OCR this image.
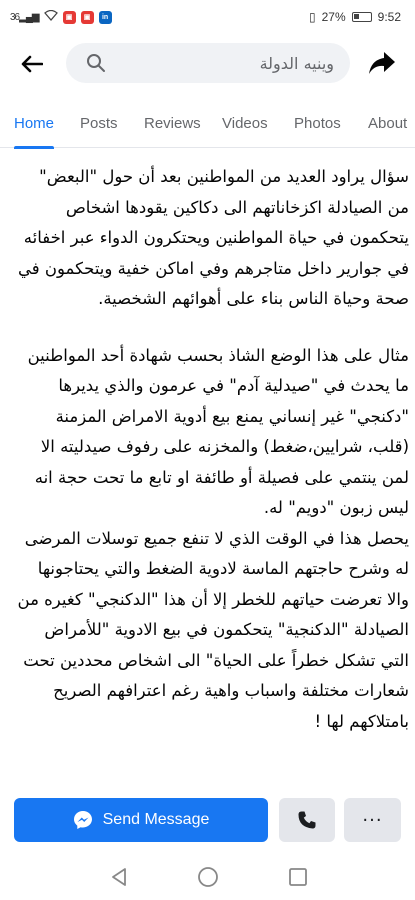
36▂▄▆	▣	▣	in	▯ 27%	9:52
وينيه الدولة
Home Posts Reviews Videos Photos About

سؤال يراود العديد من المواطنين بعد أن حول "البعض" من الصيادلة اكزخاناتهم الى دكاكين يقودها اشخاص يتحكمون في حياة المواطنين ويحتكرون الدواء عبر اخفائه في جوارير داخل متاجرهم وفي اماكن خفية ويتحكمون في صحة وحياة الناس بناء على أهوائهم الشخصية.

مثال على هذا الوضع الشاذ بحسب شهادة أحد المواطنين ما يحدث في "صيدلية آدم" في عرمون والذي يديرها "دكنجي" غير إنساني يمنع بيع أدوية الامراض المزمنة (قلب، شرايين،ضغط) والمخزنه على رفوف صيدليته الا لمن ينتمي على فصيلة أو طائفة او تابع ما تحت حجة انه ليس زبون "دويم" له.

يحصل هذا في الوقت الذي لا تنفع جميع توسلات المرضى له وشرح حاجتهم الماسة لادوية الضغط والتي يحتاجونها والا تعرضت حياتهم للخطر إلا أن هذا "الدكنجي" كغيره من الصيادلة "الدكنجية" يتحكمون في بيع الادوية "للأمراض التي تشكل خطراً على الحياة" الى اشخاص محددين تحت شعارات مختلفة واسباب واهية رغم اعترافهم الصريح بامتلاكهم لها !

Send Message	···
